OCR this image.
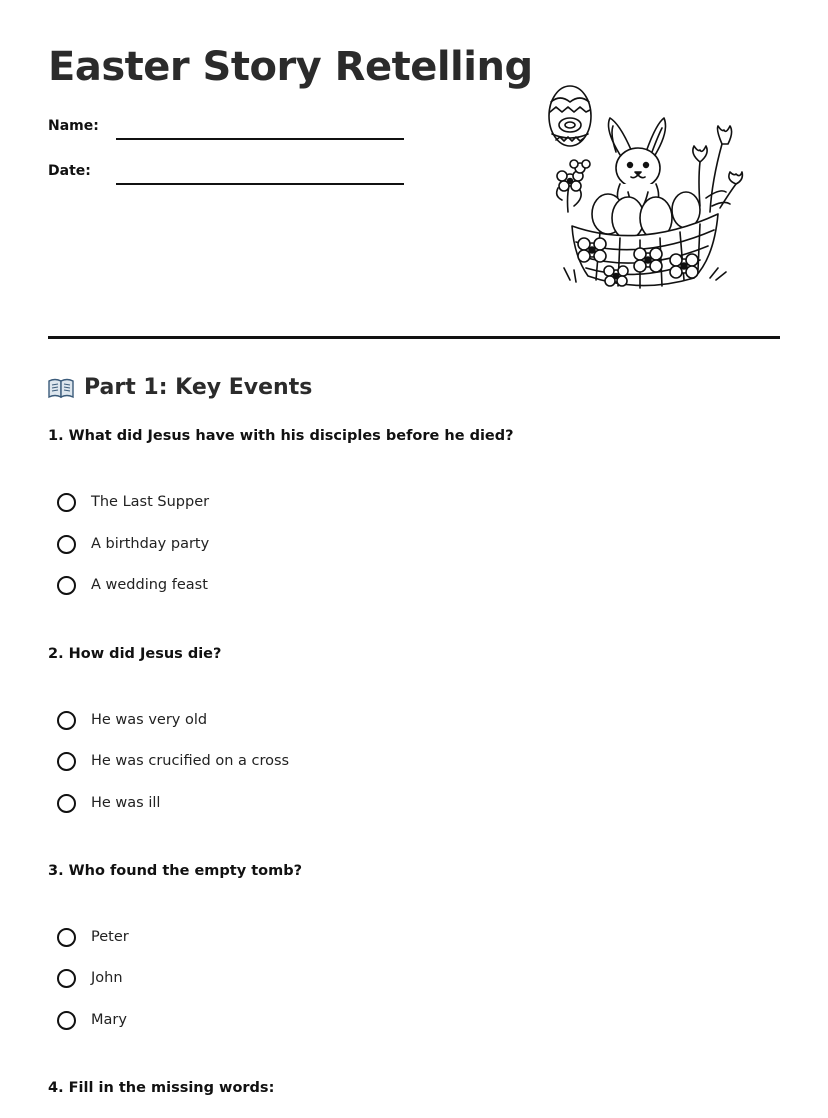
Easter Story Retelling
Name:
Date:
Part 1: Key Events
1. What did Jesus have with his disciples before he died?
The Last Supper
A birthday party
A wedding feast
2. How did Jesus die?
He was very old
He was crucified on a cross
He was ill
3. Who found the empty tomb?
Peter
John
Mary
4. Fill in the missing words:
